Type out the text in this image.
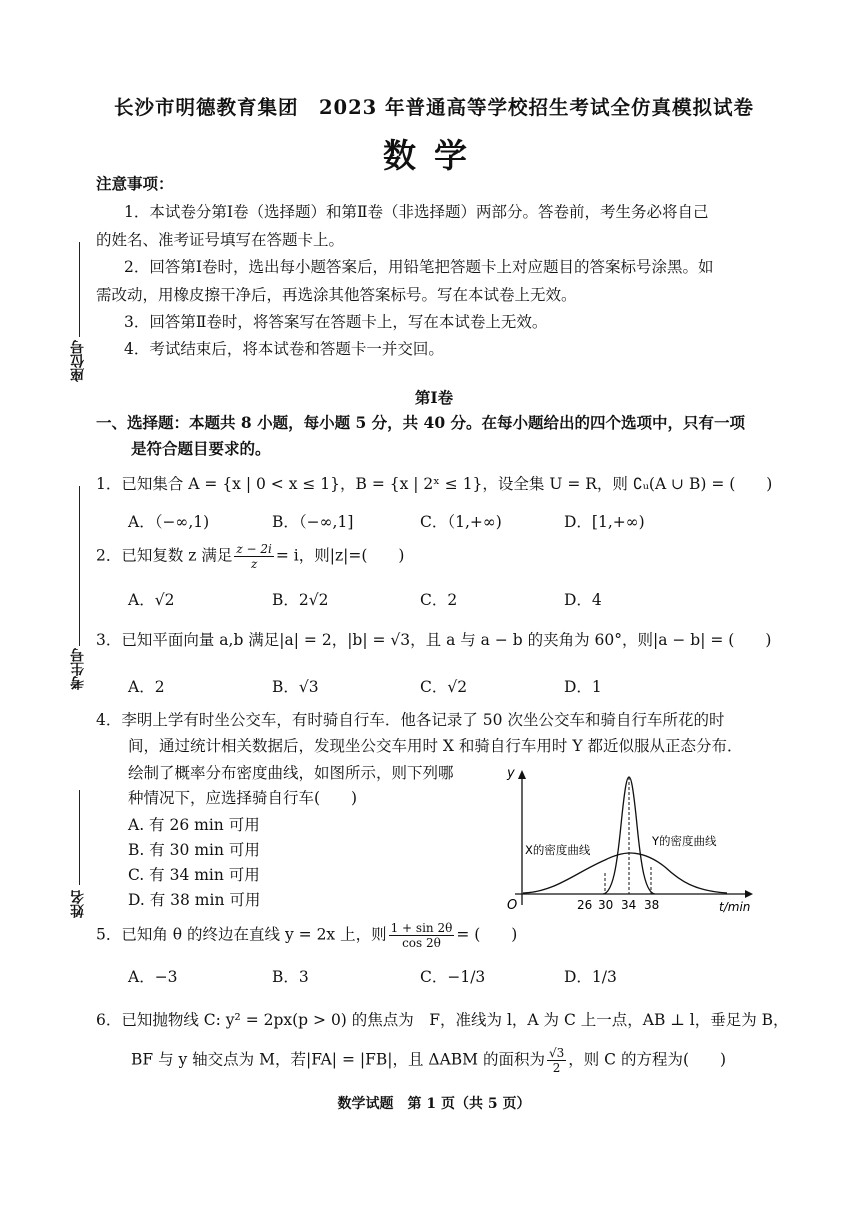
长沙市明德教育集团　2023 年普通高等学校招生考试全仿真模拟试卷
数学
座位号
考生号
姓名
注意事项：
1．本试卷分第Ⅰ卷（选择题）和第Ⅱ卷（非选择题）两部分。答卷前，考生务必将自己
的姓名、准考证号填写在答题卡上。
2．回答第Ⅰ卷时，选出每小题答案后，用铅笔把答题卡上对应题目的答案标号涂黑。如
需改动，用橡皮擦干净后，再选涂其他答案标号。写在本试卷上无效。
3．回答第Ⅱ卷时，将答案写在答题卡上，写在本试卷上无效。
4．考试结束后，将本试卷和答题卡一并交回。
第Ⅰ卷
一、选择题：本题共 8 小题，每小题 5 分，共 40 分。在每小题给出的四个选项中，只有一项
是符合题目要求的。
1．已知集合 A = {x | 0 < x ≤ 1}，B = {x | 2ˣ ≤ 1}，设全集 U = R，则 ∁ᵤ(A ∪ B) = (　　)
A．（−∞,1)	B．（−∞,1]	C．（1,+∞)	D．[1,+∞)
2．已知复数 z 满足 $\frac{z - 2i}{z} = i$，则|z|=(　　)
A．√2	B．2√2	C．2	D．4
3．已知平面向量 a,b 满足|a| = 2，|b| = √3，且 a 与 a − b 的夹角为 60°，则|a − b| = (　　)
A．2	B．√3	C．√2	D．1
4．李明上学有时坐公交车，有时骑自行车．他各记录了 50 次坐公交车和骑自行车所花的时
间，通过统计相关数据后，发现坐公交车用时 X 和骑自行车用时 Y 都近似服从正态分布．
绘制了概率分布密度曲线，如图所示，则下列哪
种情况下，应选择骑自行车(　　)
A. 有 26 min 可用
B. 有 30 min 可用
C. 有 34 min 可用
D. 有 38 min 可用
y
t/min
O	26 30 34 38
X的密度曲线
Y的密度曲线
5．已知角 θ 的终边在直线 y = 2x 上，则 $\frac{1 + \sin 2\theta}{\cos 2\theta}$ = (　　)
A．−3	B．3	C．−1/3	D．1/3
6．已知抛物线 C: y² = 2px(p > 0) 的焦点为　F，准线为 l，A 为 C 上一点，AB ⊥ l，垂足为 B，
BF 与 y 轴交点为 M，若|FA| = |FB|，且 ΔABM 的面积为 $\frac{√3}{2}$ ，则 C 的方程为(　　)
数学试题　第 1 页（共 5 页）
